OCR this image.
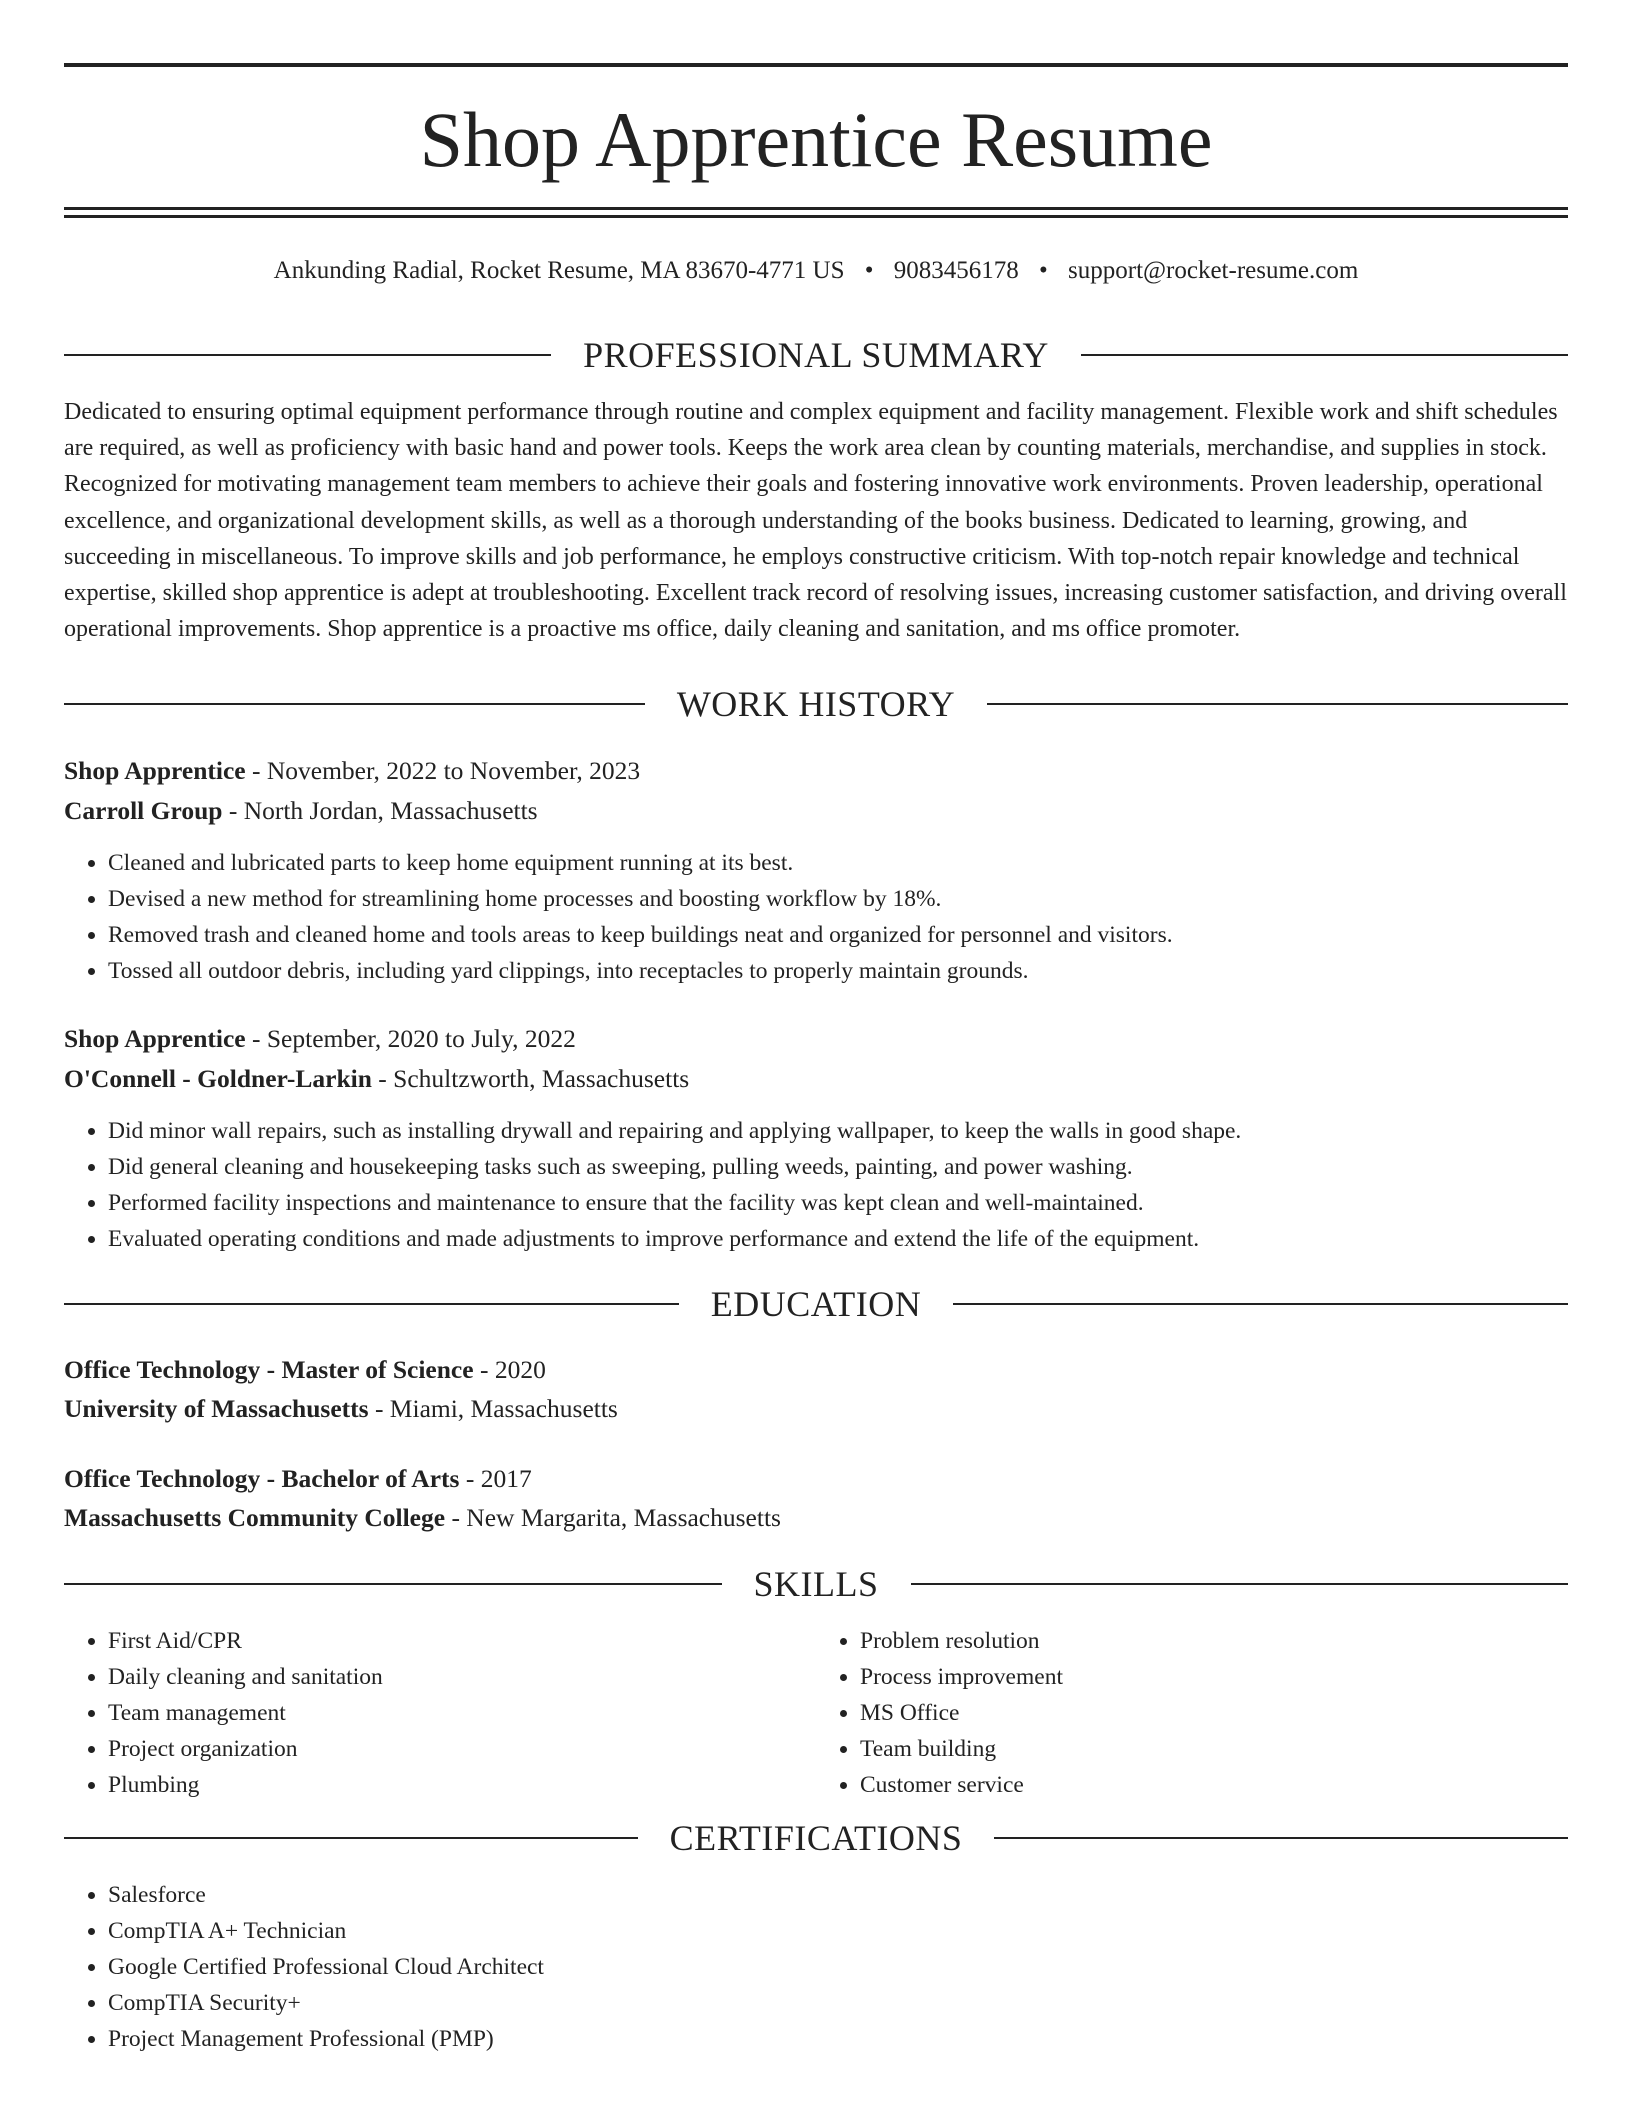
Shop Apprentice Resume
Ankunding Radial, Rocket Resume, MA 83670-4771 US • 9083456178 • support@rocket-resume.com
PROFESSIONAL SUMMARY

Dedicated to ensuring optimal equipment performance through routine and complex equipment and facility management. Flexible work and shift schedules are required, as well as proficiency with basic hand and power tools. Keeps the work area clean by counting materials, merchandise, and supplies in stock. Recognized for motivating management team members to achieve their goals and fostering innovative work environments. Proven leadership, operational excellence, and organizational development skills, as well as a thorough understanding of the books business. Dedicated to learning, growing, and succeeding in miscellaneous. To improve skills and job performance, he employs constructive criticism. With top-notch repair knowledge and technical expertise, skilled shop apprentice is adept at troubleshooting. Excellent track record of resolving issues, increasing customer satisfaction, and driving overall operational improvements. Shop apprentice is a proactive ms office, daily cleaning and sanitation, and ms office promoter.

WORK HISTORY
Shop Apprentice - November, 2022 to November, 2023
Carroll Group - North Jordan, Massachusetts
• Cleaned and lubricated parts to keep home equipment running at its best.
• Devised a new method for streamlining home processes and boosting workflow by 18%.
• Removed trash and cleaned home and tools areas to keep buildings neat and organized for personnel and visitors.
• Tossed all outdoor debris, including yard clippings, into receptacles to properly maintain grounds.
Shop Apprentice - September, 2020 to July, 2022
O'Connell - Goldner-Larkin - Schultzworth, Massachusetts
• Did minor wall repairs, such as installing drywall and repairing and applying wallpaper, to keep the walls in good shape.
• Did general cleaning and housekeeping tasks such as sweeping, pulling weeds, painting, and power washing.
• Performed facility inspections and maintenance to ensure that the facility was kept clean and well-maintained.
• Evaluated operating conditions and made adjustments to improve performance and extend the life of the equipment.
EDUCATION
Office Technology - Master of Science - 2020
University of Massachusetts - Miami, Massachusetts
Office Technology - Bachelor of Arts - 2017
Massachusetts Community College - New Margarita, Massachusetts
SKILLS
• First Aid/CPR
• Daily cleaning and sanitation
• Team management
• Project organization
• Plumbing
• Problem resolution
• Process improvement
• MS Office
• Team building
• Customer service
CERTIFICATIONS
• Salesforce
• CompTIA A+ Technician
• Google Certified Professional Cloud Architect
• CompTIA Security+
• Project Management Professional (PMP)
